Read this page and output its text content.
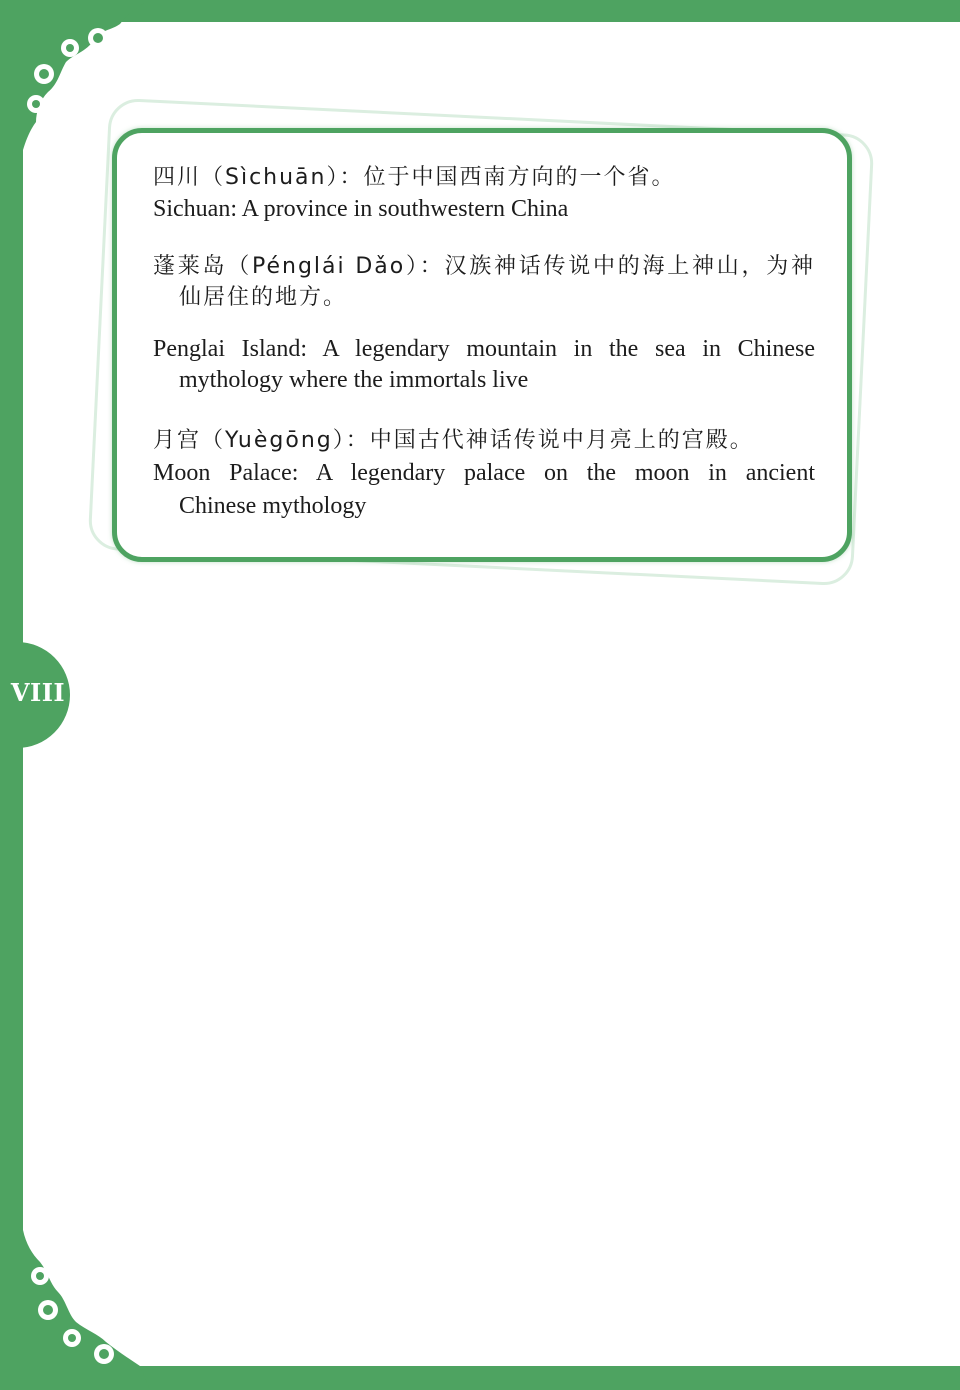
VIII
四川（Sìchuān）：位于中国西南方向的一个省。
Sichuan: A province in southwestern China
蓬莱岛（Pénglái Dǎo）：汉族神话传说中的海上神山，为神
仙居住的地方。
Penglai Island: A legendary mountain in the sea in Chinese
mythology where the immortals live
月宫（Yuègōng）：中国古代神话传说中月亮上的宫殿。
Moon Palace: A legendary palace on the moon in ancient
Chinese mythology
